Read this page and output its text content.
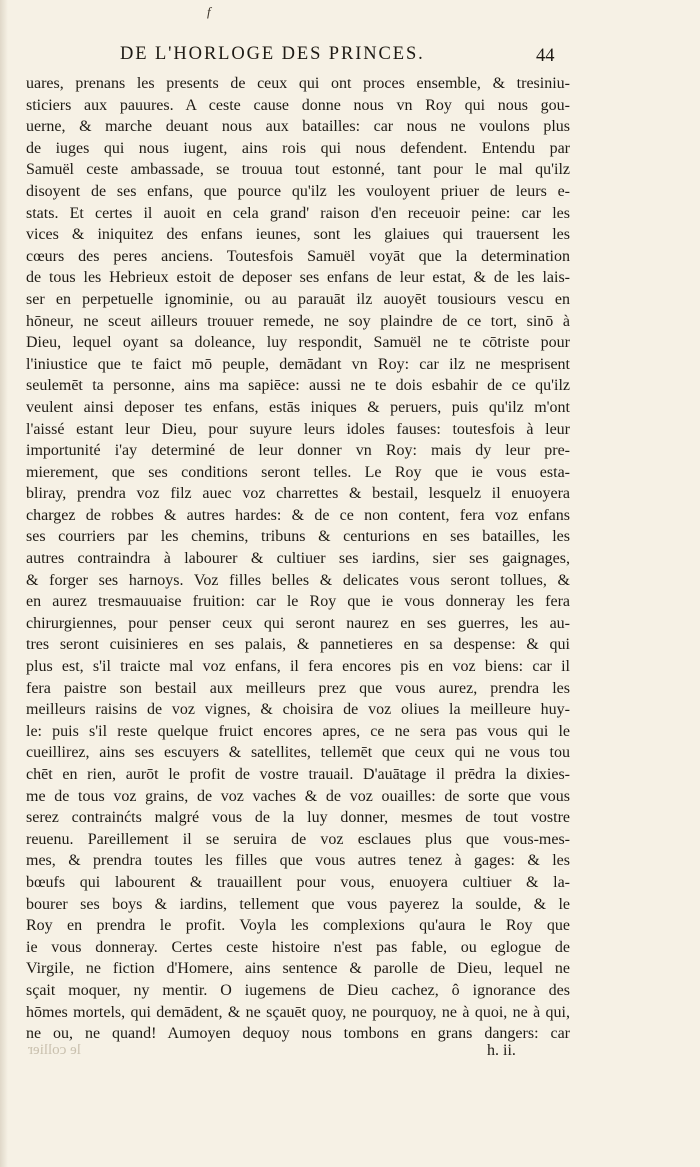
f
DE L'HORLOGE DES PRINCES.	44
uares, prenans les presents de ceux qui ont proces ensemble, & tresiniu-
sticiers aux pauures. A ceste cause donne nous vn Roy qui nous gou-
uerne, & marche deuant nous aux batailles: car nous ne voulons plus
de iuges qui nous iugent, ains rois qui nous defendent. Entendu par
Samuël ceste ambassade, se trouua tout estonné, tant pour le mal qu'ilz
disoyent de ses enfans, que pource qu'ilz les vouloyent priuer de leurs e-
stats. Et certes il auoit en cela grand' raison d'en receuoir peine: car les
vices & iniquitez des enfans ieunes, sont les glaiues qui trauersent les
cœurs des peres anciens. Toutesfois Samuël voyāt que la determination
de tous les Hebrieux estoit de deposer ses enfans de leur estat, & de les lais-
ser en perpetuelle ignominie, ou au parauāt ilz auoyēt tousiours vescu en
hōneur, ne sceut ailleurs trouuer remede, ne soy plaindre de ce tort, sinō à
Dieu, lequel oyant sa doleance, luy respondit, Samuël ne te cōtriste pour
l'iniustice que te faict mō peuple, demādant vn Roy: car ilz ne mesprisent
seulemēt ta personne, ains ma sapiēce: aussi ne te dois esbahir de ce qu'ilz
veulent ainsi deposer tes enfans, estās iniques & peruers, puis qu'ilz m'ont
l'aissé estant leur Dieu, pour suyure leurs idoles fauses: toutesfois à leur
importunité i'ay determiné de leur donner vn Roy: mais dy leur pre-
mierement, que ses conditions seront telles. Le Roy que ie vous esta-
bliray, prendra voz filz auec voz charrettes & bestail, lesquelz il enuoyera
chargez de robbes & autres hardes: & de ce non content, fera voz enfans
ses courriers par les chemins, tribuns & centurions en ses batailles, les
autres contraindra à labourer & cultiuer ses iardins, sier ses gaignages,
& forger ses harnoys. Voz filles belles & delicates vous seront tollues, &
en aurez tresmauuaise fruition: car le Roy que ie vous donneray les fera
chirurgiennes, pour penser ceux qui seront naurez en ses guerres, les au-
tres seront cuisinieres en ses palais, & pannetieres en sa despense: & qui
plus est, s'il traicte mal voz enfans, il fera encores pis en voz biens: car il
fera paistre son bestail aux meilleurs prez que vous aurez, prendra les
meilleurs raisins de voz vignes, & choisira de voz oliues la meilleure huy-
le: puis s'il reste quelque fruict encores apres, ce ne sera pas vous qui le
cueillirez, ains ses escuyers & satellites, tellemēt que ceux qui ne vous tou
chēt en rien, aurōt le profit de vostre trauail. D'auātage il prēdra la dixies-
me de tous voz grains, de voz vaches & de voz ouailles: de sorte que vous
serez contrainćts malgré vous de la luy donner, mesmes de tout vostre
reuenu. Pareillement il se seruira de voz esclaues plus que vous-mes-
mes, & prendra toutes les filles que vous autres tenez à gages: & les
bœufs qui labourent & trauaillent pour vous, enuoyera cultiuer & la-
bourer ses boys & iardins, tellement que vous payerez la soulde, & le
Roy en prendra le profit. Voyla les complexions qu'aura le Roy que
ie vous donneray. Certes ceste histoire n'est pas fable, ou eglogue de
Virgile, ne fiction d'Homere, ains sentence & parolle de Dieu, lequel ne
sçait moquer, ny mentir. O iugemens de Dieu cachez, ô ignorance des
hōmes mortels, qui demādent, & ne sçauēt quoy, ne pourquoy, ne à quoi, ne à qui,
ne ou, ne quand! Aumoyen dequoy nous tombons en grans dangers: car
le collier	h. ii.
